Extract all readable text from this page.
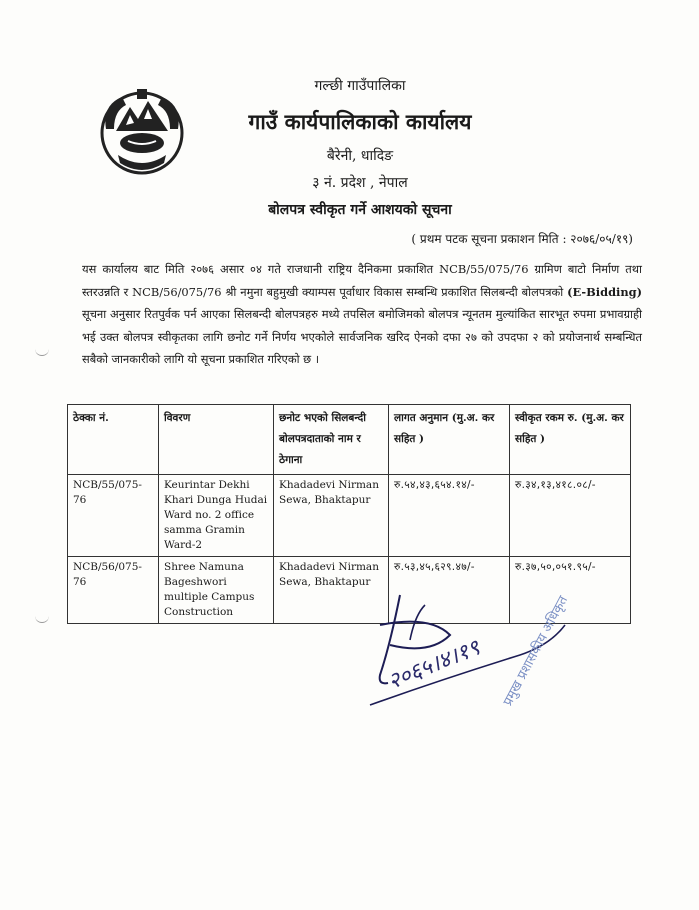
गल्छी गाउँपालिका
गाउँ कार्यपालिकाको कार्यालय
बैरेनी, धादिङ
३ नं. प्रदेश , नेपाल
बोलपत्र स्वीकृत गर्ने आशयको सूचना
( प्रथम पटक सूचना प्रकाशन मिति : २०७६/०५/१९)
यस कार्यालय बाट मिति २०७६ असार ०४ गते राजधानी राष्ट्रिय दैनिकमा प्रकाशित NCB/55/075/76 ग्रामिण बाटो निर्माण तथा स्तरउन्नति र NCB/56/075/76 श्री नमुना बहुमुखी क्याम्पस पूर्वाधार विकास सम्बन्धि प्रकाशित सिलबन्दी बोलपत्रको (E-Bidding) सूचना अनुसार रितपुर्वक पर्न आएका सिलबन्दी बोलपत्रहरु मध्ये तपसिल बमोजिमको बोलपत्र न्यूनतम मुल्यांकित सारभूत रुपमा प्रभावग्राही भई उक्त बोलपत्र स्वीकृतका लागि छनोट गर्ने निर्णय भएकोले सार्वजनिक खरिद ऐनको दफा २७ को उपदफा २ को प्रयोजनार्थ सम्बन्धित सबैको जानकारीको लागि यो सूचना प्रकाशित गरिएको छ ।
ठेक्का नं.	विवरण	छनोट भएको सिलबन्दी बोलपत्रदाताको नाम र ठेगाना	लागत अनुमान (मु.अ. कर सहित )	स्वीकृत रकम रु. (मु.अ. कर सहित )
NCB/55/075-76	Keurintar Dekhi Khari Dunga Hudai Ward no. 2 office samma Gramin Ward-2	Khadadevi Nirman Sewa, Bhaktapur	रु.५४,४३,६५४.१४/-	रु.३४,१३,४१८.०८/-
NCB/56/075-76	Shree Namuna Bageshwori multiple Campus Construction	Khadadevi Nirman Sewa, Bhaktapur	रु.५३,४५,६२९.४७/-	रु.३७,५०,०५१.९५/-
२०६५।४।१९ प्रमुख प्रशासकीय अधिकृत
